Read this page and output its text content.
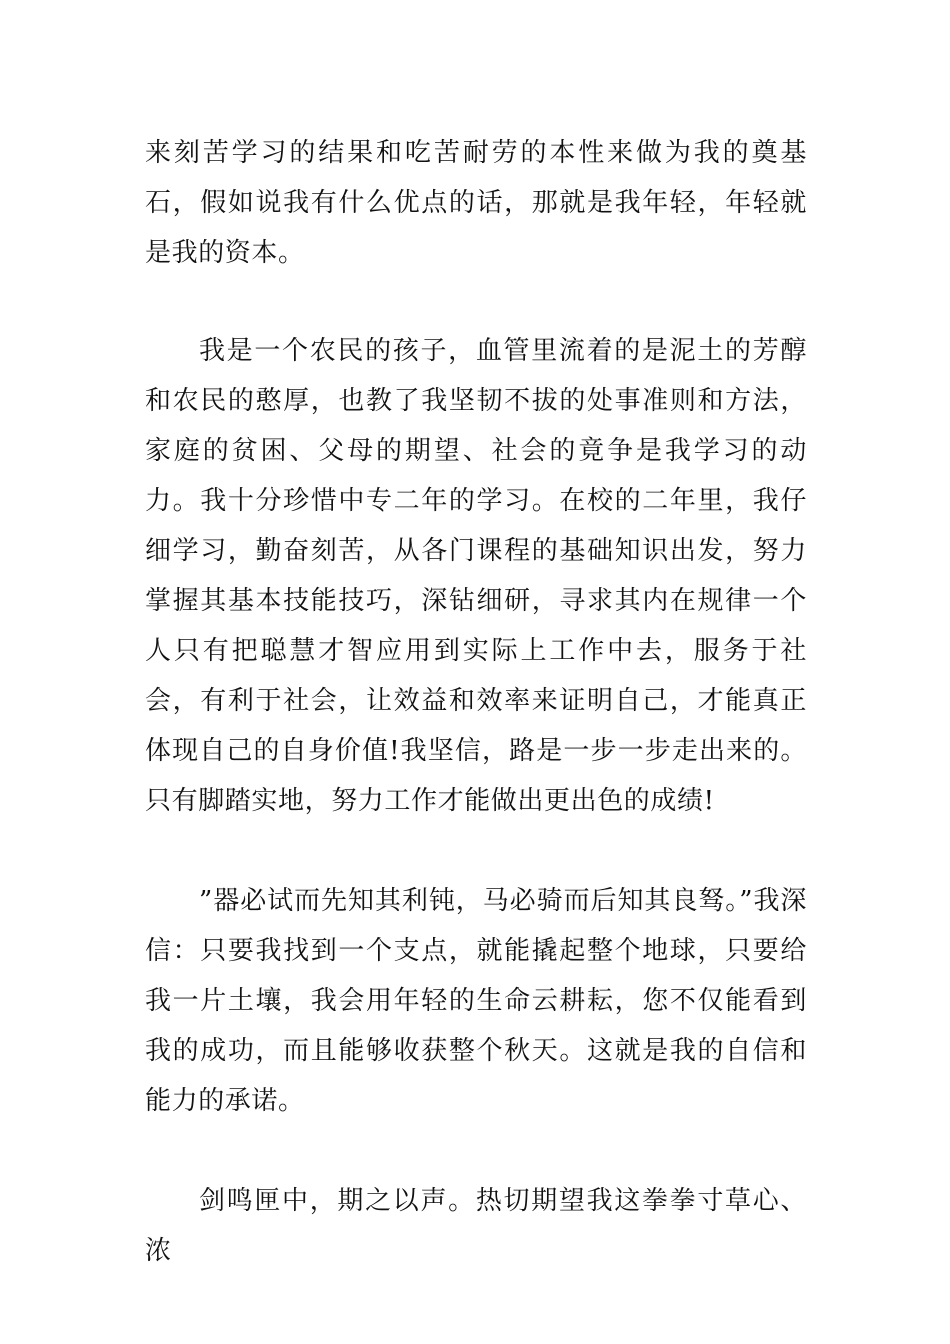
来刻苦学习的结果和吃苦耐劳的本性来做为我的奠基石，假如说我有什么优点的话，那就是我年轻，年轻就是我的资本。

我是一个农民的孩子，血管里流着的是泥土的芳醇和农民的憨厚，也教了我坚韧不拔的处事准则和方法，家庭的贫困、父母的期望、社会的竟争是我学习的动力。我十分珍惜中专二年的学习。在校的二年里，我仔细学习，勤奋刻苦，从各门课程的基础知识出发，努力掌握其基本技能技巧，深钻细研，寻求其内在规律一个人只有把聪慧才智应用到实际上工作中去，服务于社会，有利于社会，让效益和效率来证明自己，才能真正体现自己的自身价值!我坚信，路是一步一步走出来的。只有脚踏实地，努力工作才能做出更出色的成绩!

”器必试而先知其利钝，马必骑而后知其良驽。”我深信：只要我找到一个支点，就能撬起整个地球，只要给我一片土壤，我会用年轻的生命云耕耘，您不仅能看到我的成功，而且能够收获整个秋天。这就是我的自信和能力的承诺。

剑鸣匣中，期之以声。热切期望我这拳拳寸草心、浓
